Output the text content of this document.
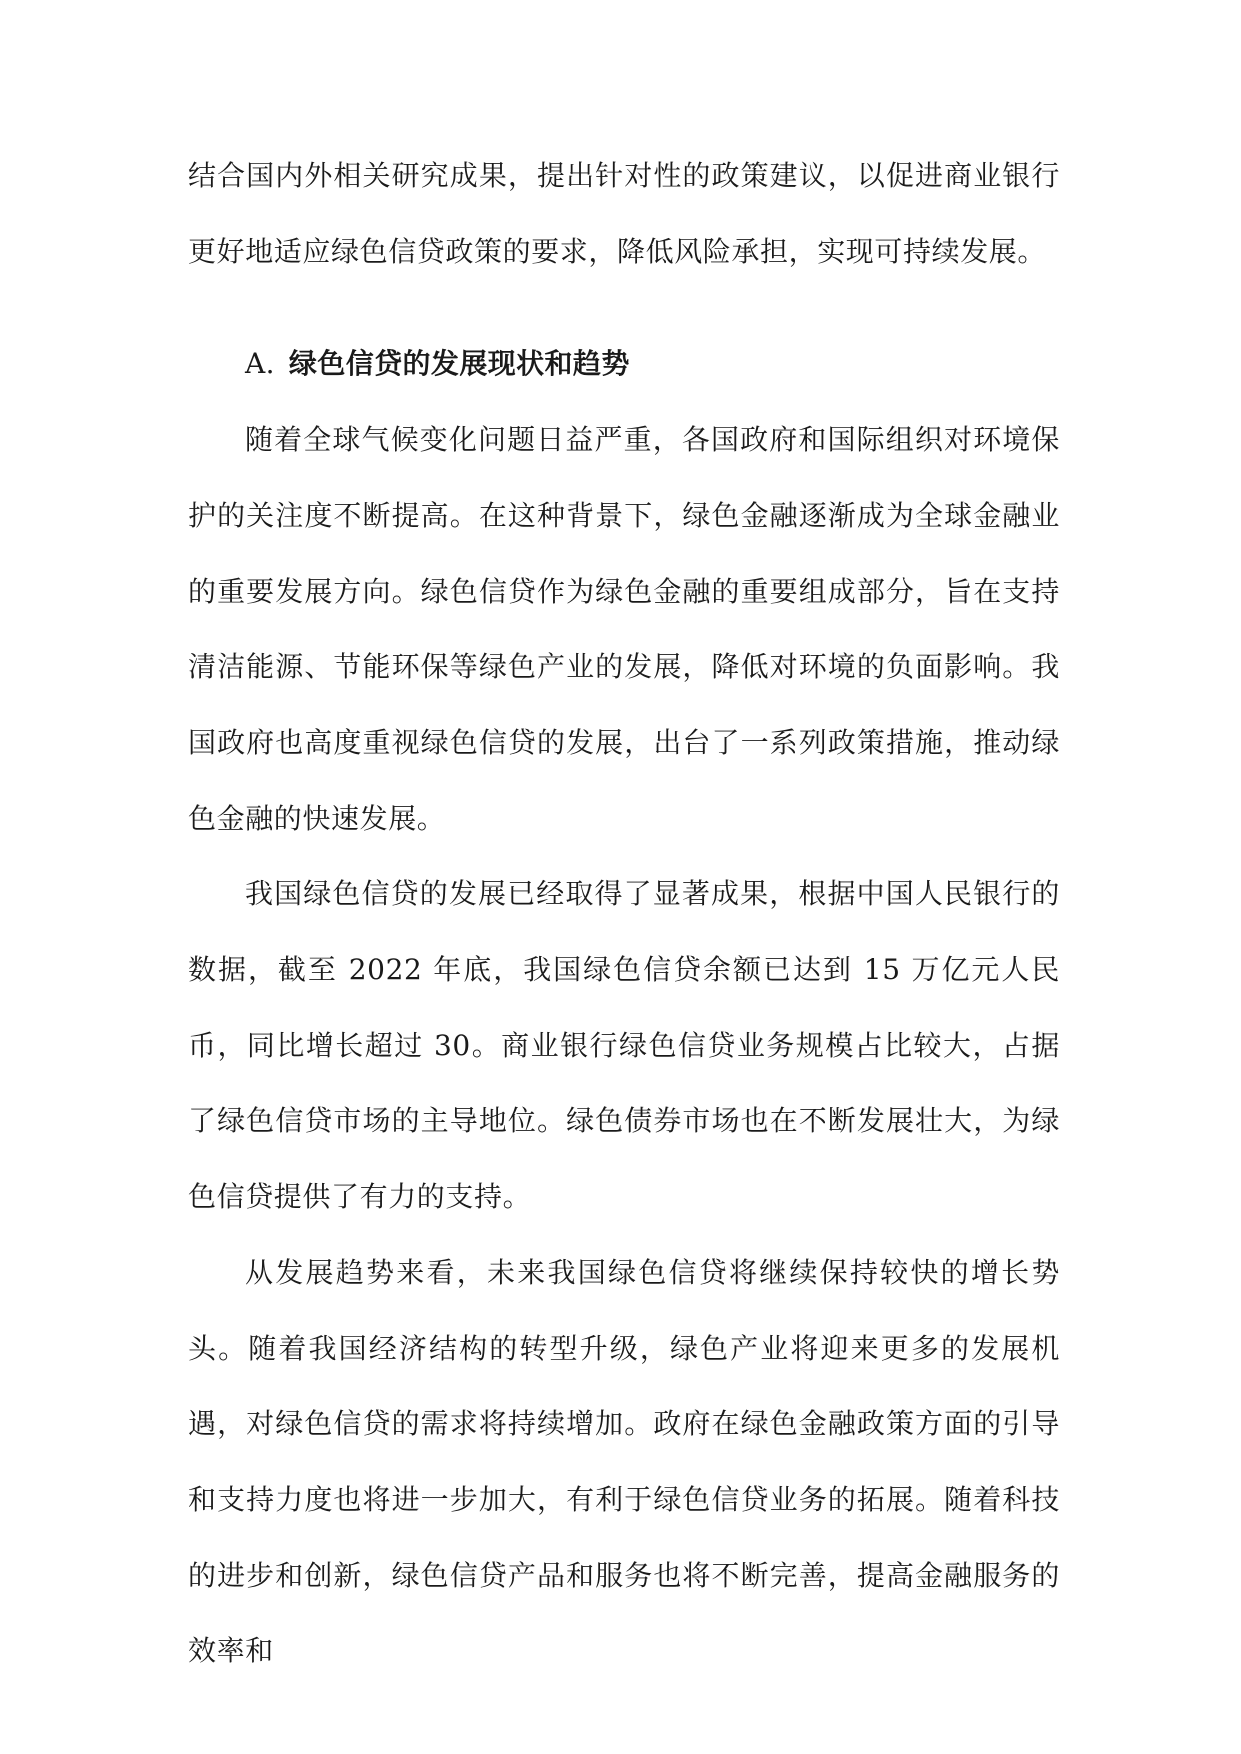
结合国内外相关研究成果，提出针对性的政策建议，以促进商业银行更好地适应绿色信贷政策的要求，降低风险承担，实现可持续发展。

A. 绿色信贷的发展现状和趋势

随着全球气候变化问题日益严重，各国政府和国际组织对环境保护的关注度不断提高。在这种背景下，绿色金融逐渐成为全球金融业的重要发展方向。绿色信贷作为绿色金融的重要组成部分，旨在支持清洁能源、节能环保等绿色产业的发展，降低对环境的负面影响。我国政府也高度重视绿色信贷的发展，出台了一系列政策措施，推动绿色金融的快速发展。

我国绿色信贷的发展已经取得了显著成果，根据中国人民银行的数据，截至 2022 年底，我国绿色信贷余额已达到 15 万亿元人民币，同比增长超过 30。商业银行绿色信贷业务规模占比较大，占据了绿色信贷市场的主导地位。绿色债券市场也在不断发展壮大，为绿色信贷提供了有力的支持。

从发展趋势来看，未来我国绿色信贷将继续保持较快的增长势头。随着我国经济结构的转型升级，绿色产业将迎来更多的发展机遇，对绿色信贷的需求将持续增加。政府在绿色金融政策方面的引导和支持力度也将进一步加大，有利于绿色信贷业务的拓展。随着科技的进步和创新，绿色信贷产品和服务也将不断完善，提高金融服务的效率和
